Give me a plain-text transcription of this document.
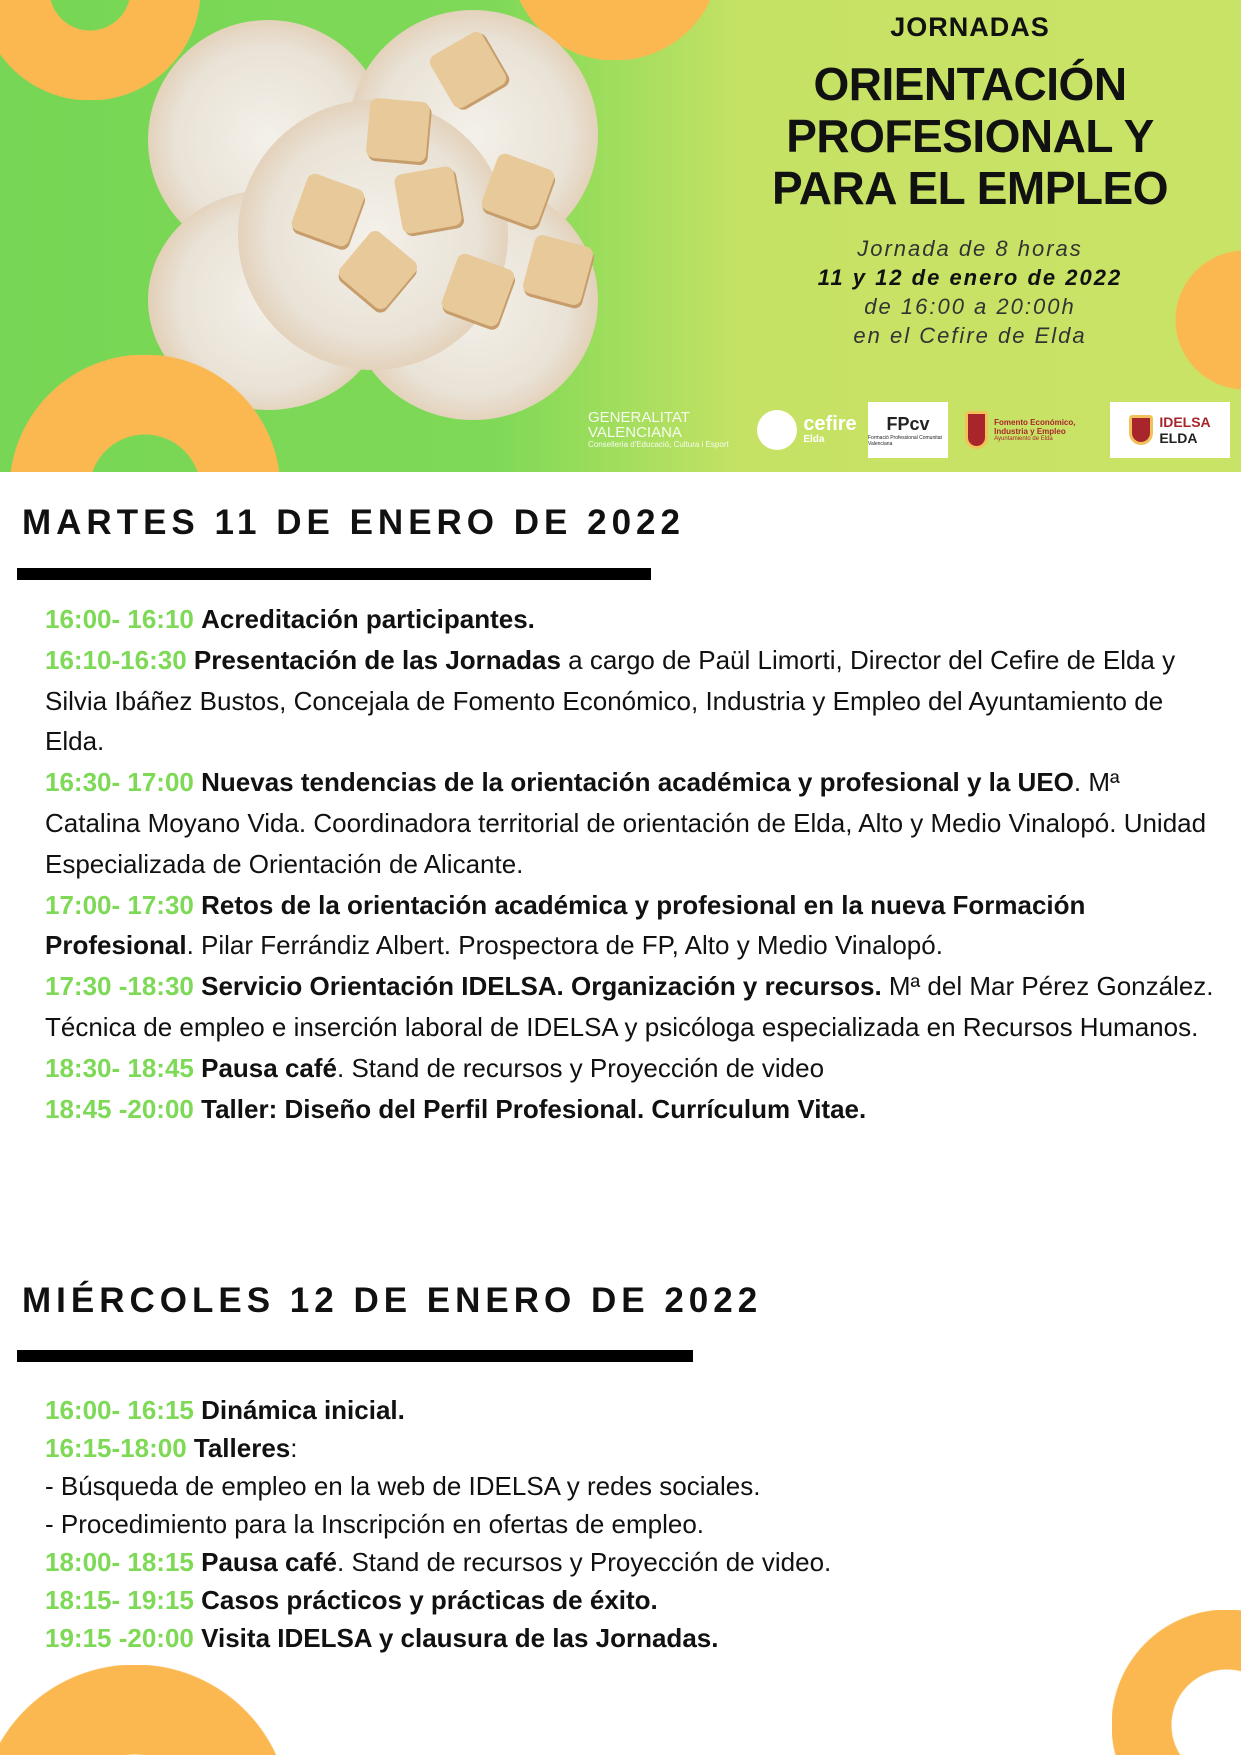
JORNADAS
ORIENTACIÓN
PROFESIONAL Y
PARA EL EMPLEO
Jornada de 8 horas
11 y 12 de enero de 2022
de 16:00 a 20:00h
en el Cefire de Elda
GENERALITAT VALENCIANA
Conselleria d'Educació, Cultura i Esport
cefire
Elda
FPcv
Formació Professional Comunitat Valenciana
Fomento Económico, Industria y Empleo
Ayuntamiento de Elda
IDELSA
ELDA
MARTES 11 DE ENERO DE 2022
16:00- 16:10 Acreditación participantes.
16:10-16:30 Presentación de las Jornadas a cargo de Paül Limorti, Director del Cefire de Elda y Silvia Ibáñez Bustos, Concejala de Fomento Económico, Industria y Empleo del Ayuntamiento de Elda.
16:30- 17:00 Nuevas tendencias de la orientación académica y profesional y la UEO. Mª Catalina Moyano Vida. Coordinadora territorial de orientación de Elda, Alto y Medio Vinalopó. Unidad Especializada de Orientación de Alicante.
17:00- 17:30 Retos de la orientación académica y profesional en la nueva Formación Profesional. Pilar Ferrándiz Albert. Prospectora de FP, Alto y Medio Vinalopó.
17:30 -18:30 Servicio Orientación IDELSA. Organización y recursos. Mª del Mar Pérez González. Técnica de empleo e inserción laboral de IDELSA y psicóloga especializada en Recursos Humanos.
18:30- 18:45 Pausa café. Stand de recursos y Proyección de video
18:45 -20:00 Taller: Diseño del Perfil Profesional. Currículum Vitae.
MIÉRCOLES 12 DE ENERO DE 2022
16:00- 16:15 Dinámica inicial.
16:15-18:00 Talleres:
- Búsqueda de empleo en la web de IDELSA y redes sociales.
- Procedimiento para la Inscripción en ofertas de empleo.
18:00- 18:15 Pausa café. Stand de recursos y Proyección de video.
18:15- 19:15 Casos prácticos y prácticas de éxito.
19:15 -20:00 Visita IDELSA y clausura de las Jornadas.
